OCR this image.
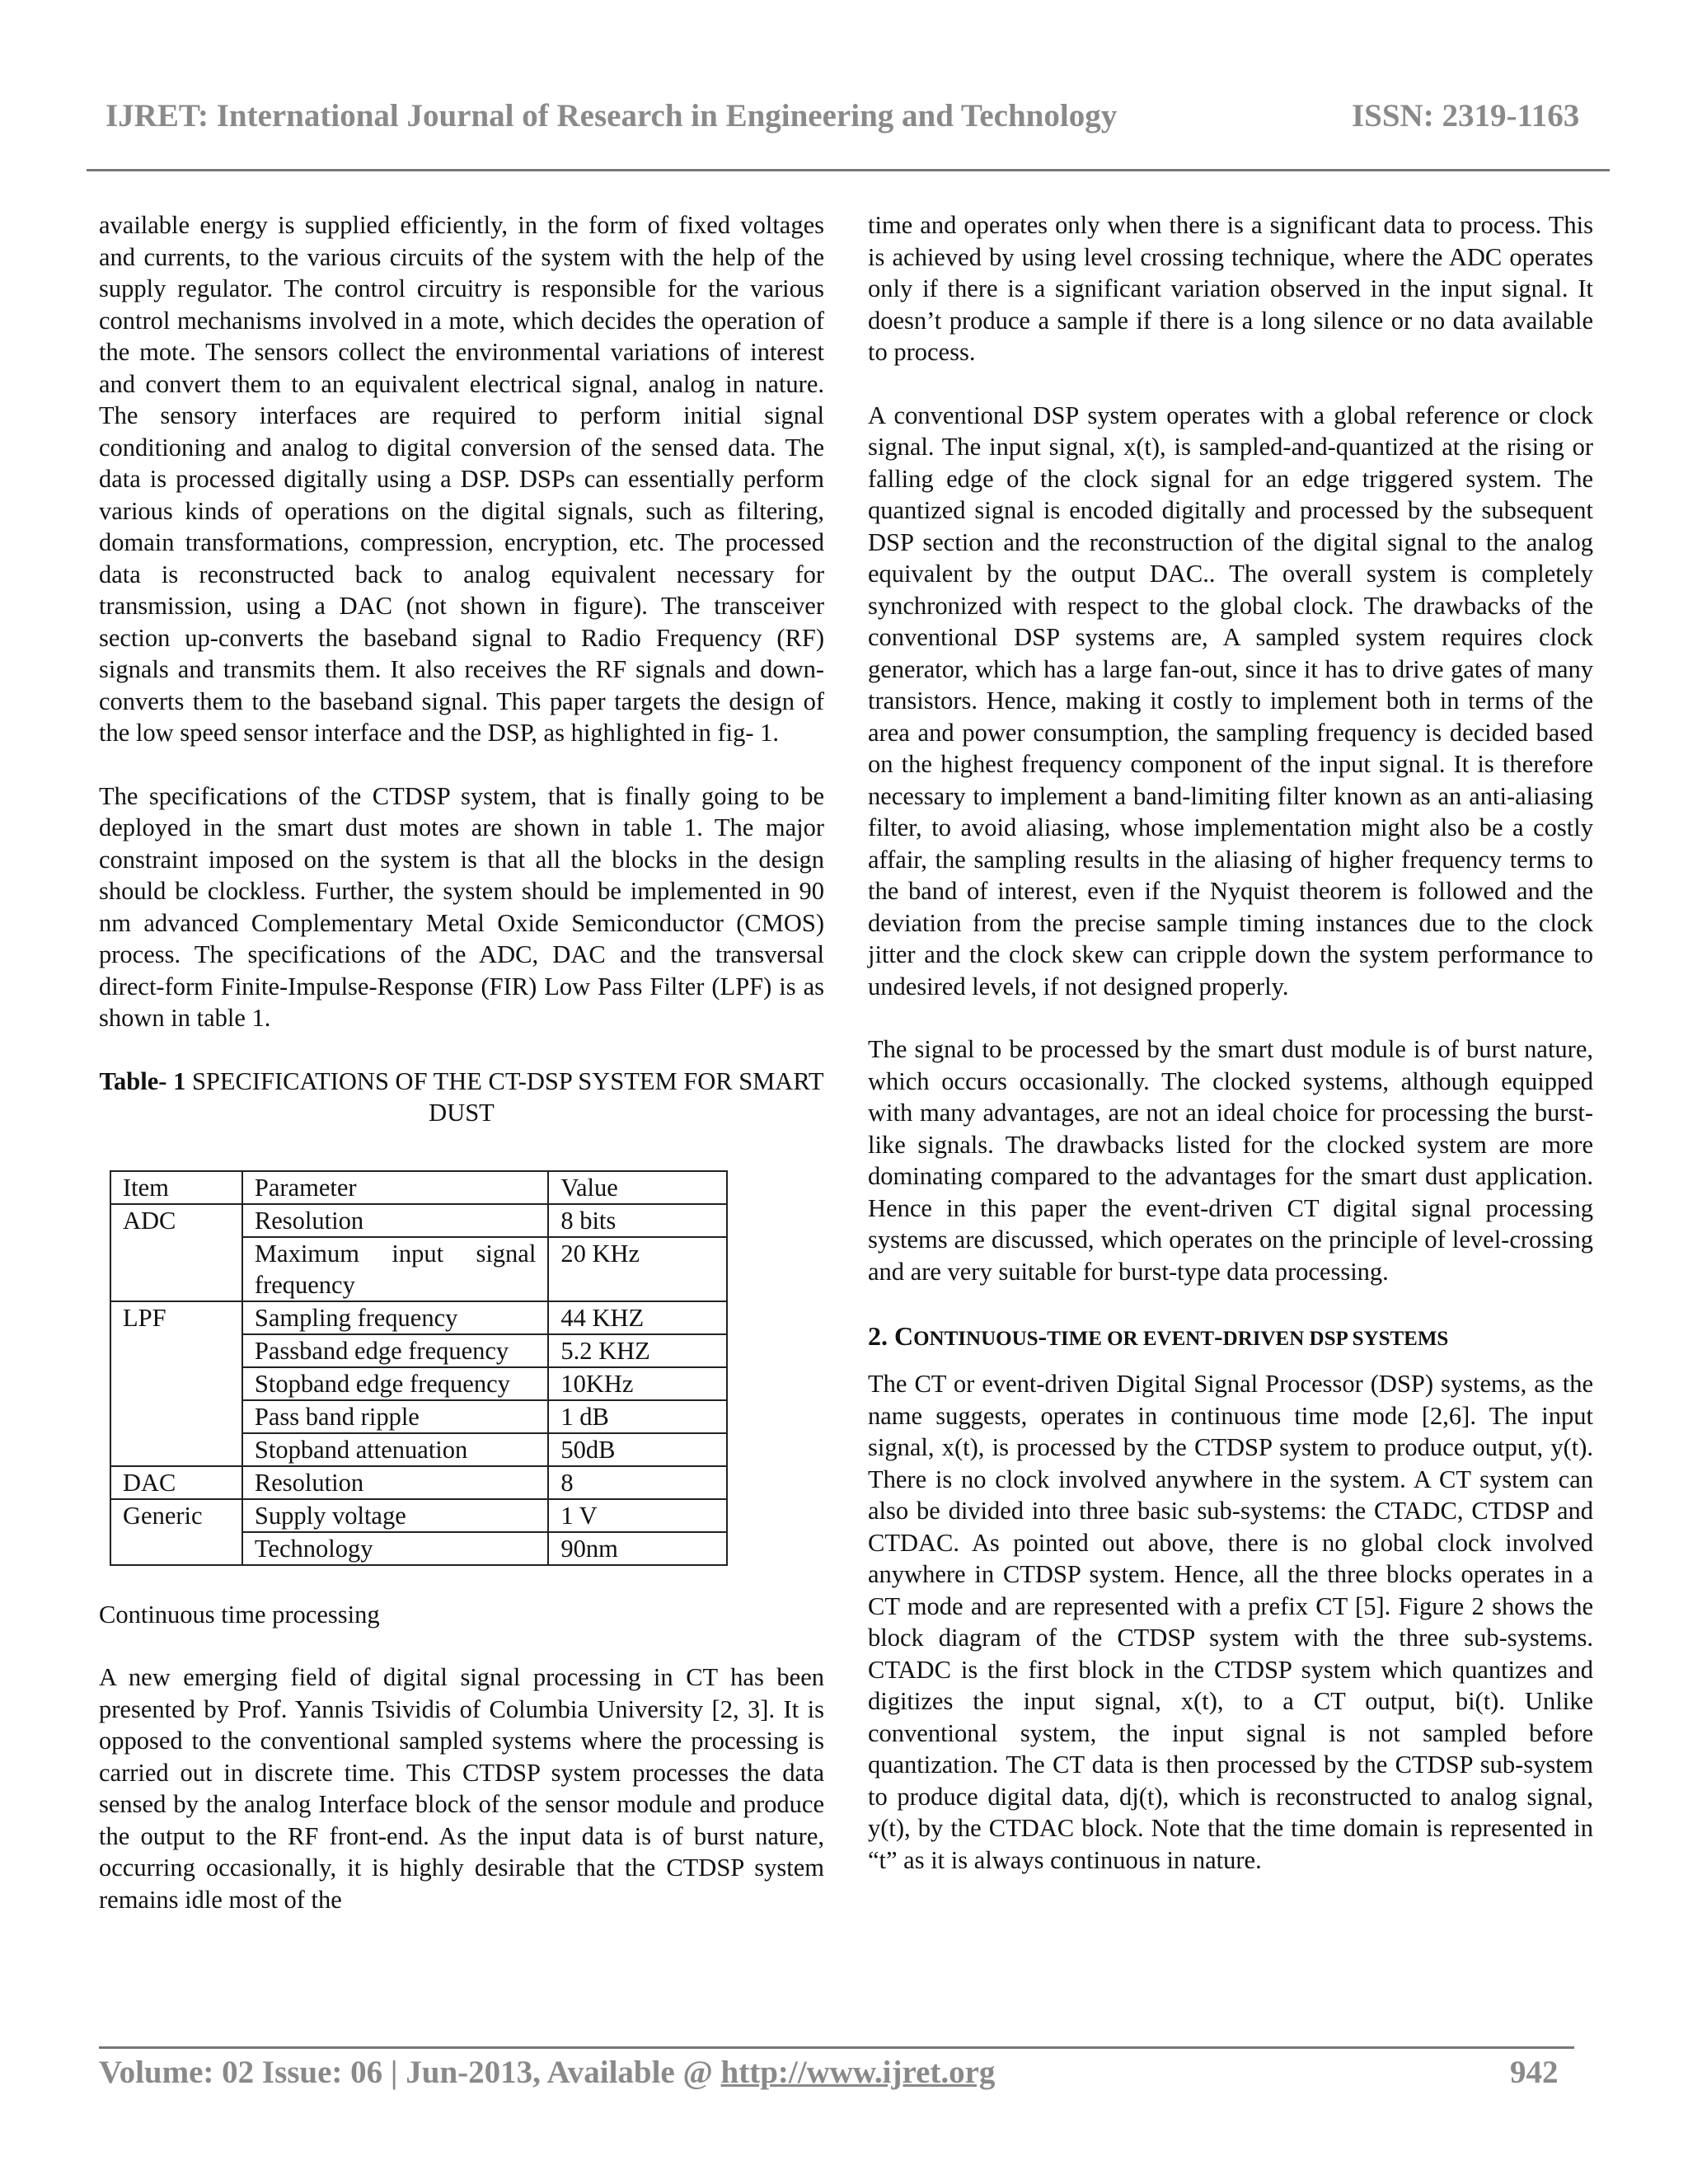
IJRET: International Journal of Research in Engineering and Technology	ISSN: 2319-1163

available energy is supplied efficiently, in the form of fixed voltages and currents, to the various circuits of the system with the help of the supply regulator. The control circuitry is responsible for the various control mechanisms involved in a mote, which decides the operation of the mote. The sensors collect the environmental variations of interest and convert them to an equivalent electrical signal, analog in nature. The sensory interfaces are required to perform initial signal conditioning and analog to digital conversion of the sensed data. The data is processed digitally using a DSP. DSPs can essentially perform various kinds of operations on the digital signals, such as filtering, domain transformations, compression, encryption, etc. The processed data is reconstructed back to analog equivalent necessary for transmission, using a DAC (not shown in figure). The transceiver section up-converts the baseband signal to Radio Frequency (RF) signals and transmits them. It also receives the RF signals and down-converts them to the baseband signal. This paper targets the design of the low speed sensor interface and the DSP, as highlighted in fig- 1.

The specifications of the CTDSP system, that is finally going to be deployed in the smart dust motes are shown in table 1. The major constraint imposed on the system is that all the blocks in the design should be clockless. Further, the system should be implemented in 90 nm advanced Complementary Metal Oxide Semiconductor (CMOS) process. The specifications of the ADC, DAC and the transversal direct-form Finite-Impulse-Response (FIR) Low Pass Filter (LPF) is as shown in table 1.

Table- 1 SPECIFICATIONS OF THE CT-DSP SYSTEM FOR SMART DUST
Item	Parameter	Value
ADC	Resolution	8 bits
	Maximum input signal frequency	20 KHz
LPF	Sampling frequency	44 KHZ
	Passband edge frequency	5.2 KHZ
	Stopband edge frequency	10KHz
	Pass band ripple	1 dB
	Stopband attenuation	50dB
DAC	Resolution	8
Generic	Supply voltage	1 V
	Technology	90nm

Continuous time processing

A new emerging field of digital signal processing in CT has been presented by Prof. Yannis Tsividis of Columbia University [2, 3]. It is opposed to the conventional sampled systems where the processing is carried out in discrete time. This CTDSP system processes the data sensed by the analog Interface block of the sensor module and produce the output to the RF front-end. As the input data is of burst nature, occurring occasionally, it is highly desirable that the CTDSP system remains idle most of the

time and operates only when there is a significant data to process. This is achieved by using level crossing technique, where the ADC operates only if there is a significant variation observed in the input signal. It doesn’t produce a sample if there is a long silence or no data available to process.

A conventional DSP system operates with a global reference or clock signal. The input signal, x(t), is sampled-and-quantized at the rising or falling edge of the clock signal for an edge triggered system. The quantized signal is encoded digitally and processed by the subsequent DSP section and the reconstruction of the digital signal to the analog equivalent by the output DAC.. The overall system is completely synchronized with respect to the global clock. The drawbacks of the conventional DSP systems are, A sampled system requires clock generator, which has a large fan-out, since it has to drive gates of many transistors. Hence, making it costly to implement both in terms of the area and power consumption, the sampling frequency is decided based on the highest frequency component of the input signal. It is therefore necessary to implement a band-limiting filter known as an anti-aliasing filter, to avoid aliasing, whose implementation might also be a costly affair, the sampling results in the aliasing of higher frequency terms to the band of interest, even if the Nyquist theorem is followed and the deviation from the precise sample timing instances due to the clock jitter and the clock skew can cripple down the system performance to undesired levels, if not designed properly.

The signal to be processed by the smart dust module is of burst nature, which occurs occasionally. The clocked systems, although equipped with many advantages, are not an ideal choice for processing the burst-like signals. The drawbacks listed for the clocked system are more dominating compared to the advantages for the smart dust application. Hence in this paper the event-driven CT digital signal processing systems are discussed, which operates on the principle of level-crossing and are very suitable for burst-type data processing.

2. CONTINUOUS-TIME OR EVENT-DRIVEN DSP SYSTEMS

The CT or event-driven Digital Signal Processor (DSP) systems, as the name suggests, operates in continuous time mode [2,6]. The input signal, x(t), is processed by the CTDSP system to produce output, y(t). There is no clock involved anywhere in the system. A CT system can also be divided into three basic sub-systems: the CTADC, CTDSP and CTDAC. As pointed out above, there is no global clock involved anywhere in CTDSP system. Hence, all the three blocks operates in a CT mode and are represented with a prefix CT [5]. Figure 2 shows the block diagram of the CTDSP system with the three sub-systems. CTADC is the first block in the CTDSP system which quantizes and digitizes the input signal, x(t), to a CT output, bi(t). Unlike conventional system, the input signal is not sampled before quantization. The CT data is then processed by the CTDSP sub-system to produce digital data, dj(t), which is reconstructed to analog signal, y(t), by the CTDAC block. Note that the time domain is represented in “t” as it is always continuous in nature.

Volume: 02 Issue: 06 | Jun-2013, Available @ http://www.ijret.org	942
